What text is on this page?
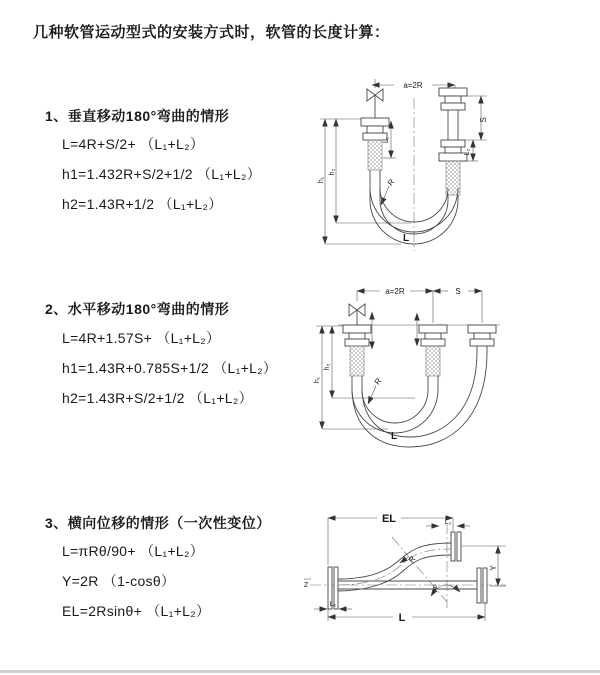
几种软管运动型式的安装方式时，软管的长度计算：
1、垂直移动180°弯曲的情形
L=4R+S/2+ （L₁+L₂）
h1=1.432R+S/2+1/2 （L₁+L₂）
h2=1.43R+1/2 （L₁+L₂）
2、水平移动180°弯曲的情形
L=4R+1.57S+ （L₁+L₂）
h1=1.43R+0.785S+1/2 （L₁+L₂）
h2=1.43R+S/2+1/2 （L₁+L₂）
3、横向位移的情形（一次性变位）
L=πRθ/90+ （L₁+L₂）
Y=2R （1-cosθ）
EL=2Rsinθ+ （L₁+L₂）
a=2R
h₁
h₂
L₁
S
L₂
R
L
a=2R	S
h₁
h₂
R
L
EL	L₂
Y
θ
R
L₁
L
Z
